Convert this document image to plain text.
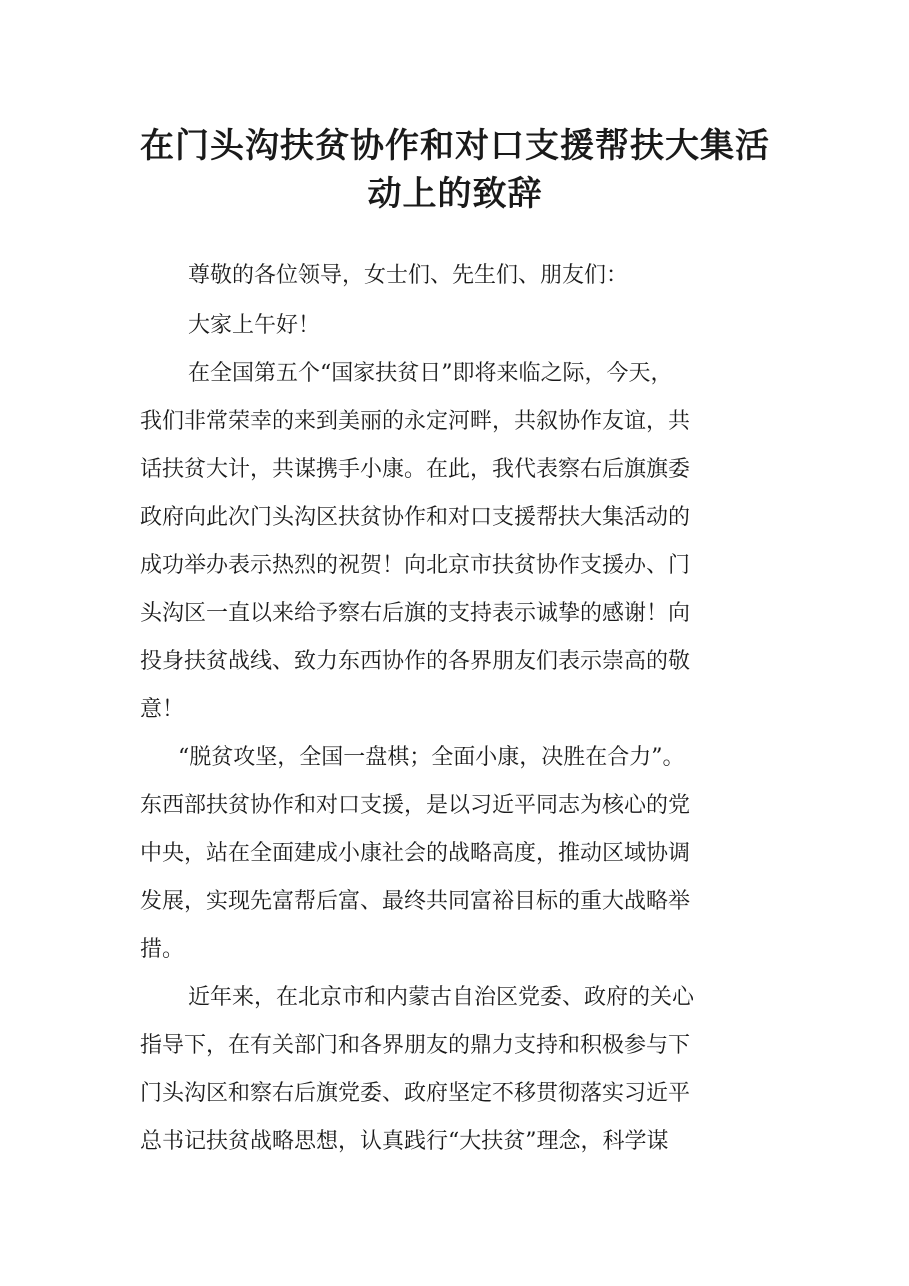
在门头沟扶贫协作和对口支援帮扶大集活
动上的致辞

尊敬的各位领导，女士们、先生们、朋友们：

大家上午好！

在全国第五个“国家扶贫日”即将来临之际，今天，

我们非常荣幸的来到美丽的永定河畔，共叙协作友谊，共

话扶贫大计，共谋携手小康。在此，我代表察右后旗旗委

政府向此次门头沟区扶贫协作和对口支援帮扶大集活动的

成功举办表示热烈的祝贺！向北京市扶贫协作支援办、门

头沟区一直以来给予察右后旗的支持表示诚挚的感谢！向

投身扶贫战线、致力东西协作的各界朋友们表示崇高的敬

意！

“脱贫攻坚，全国一盘棋；全面小康，决胜在合力”。

东西部扶贫协作和对口支援，是以习近平同志为核心的党

中央，站在全面建成小康社会的战略高度，推动区域协调

发展，实现先富帮后富、最终共同富裕目标的重大战略举

措。

近年来，在北京市和内蒙古自治区党委、政府的关心

指导下，在有关部门和各界朋友的鼎力支持和积极参与下

门头沟区和察右后旗党委、政府坚定不移贯彻落实习近平

总书记扶贫战略思想，认真践行“大扶贫”理念，科学谋
